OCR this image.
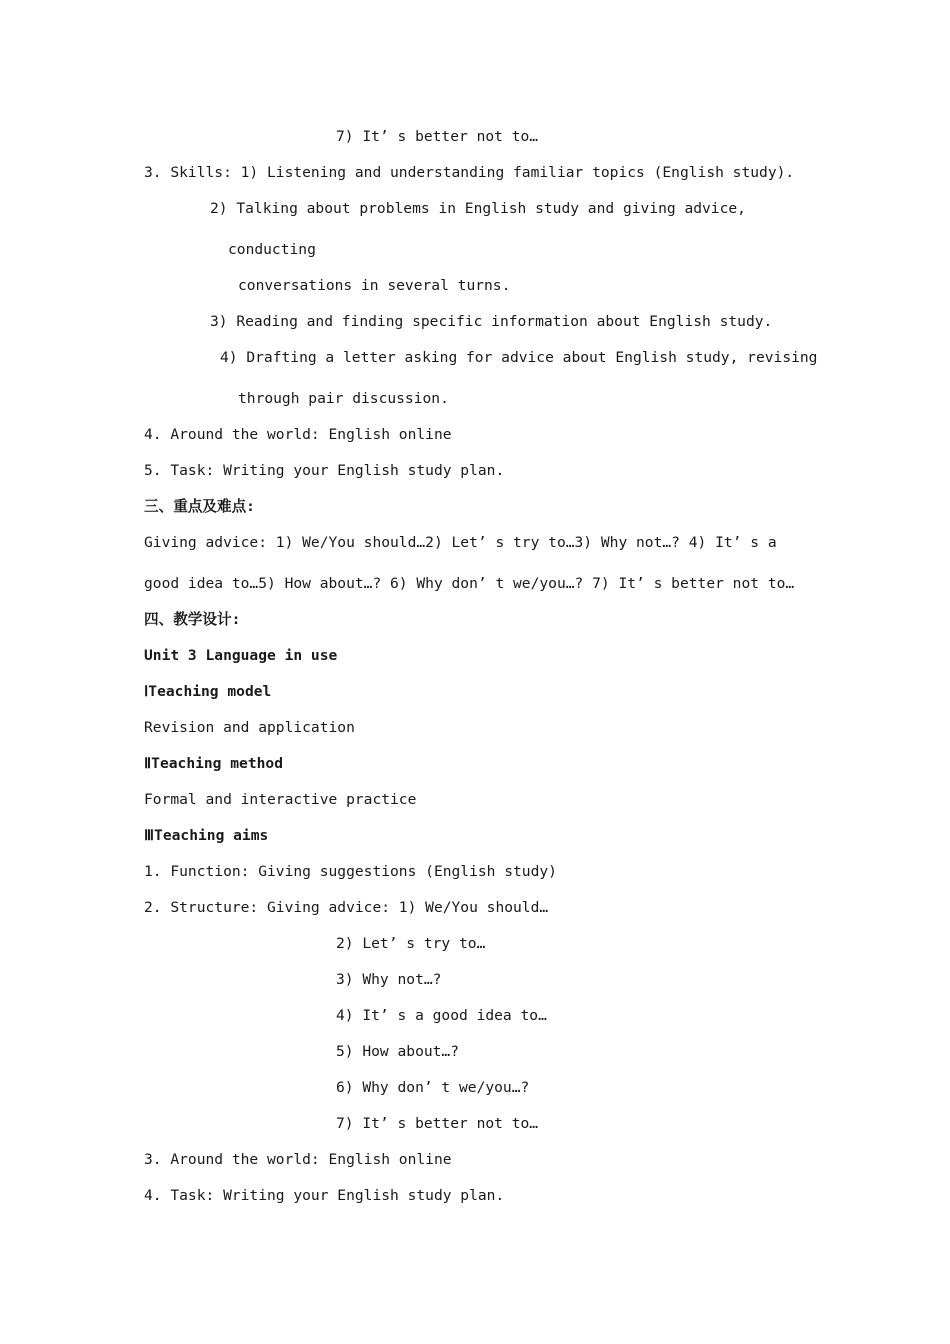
7) It’ s better not to…
3. Skills: 1) Listening and understanding familiar topics (English study).
2) Talking about problems in English study and giving advice,
conducting
conversations in several turns.
3) Reading and finding specific information about English study.
4) Drafting a letter asking for advice about English study, revising
through pair discussion.
4. Around the world: English online
5. Task: Writing your English study plan.
三、重点及难点:
Giving advice: 1) We/You should…2) Let’ s try to…3) Why not…? 4) It’ s a
good idea to…5) How about…? 6) Why don’ t we/you…? 7) It’ s better not to…
四、教学设计:
Unit 3 Language in use
ⅠTeaching model
Revision and application
ⅡTeaching method
Formal and interactive practice
ⅢTeaching aims
1. Function: Giving suggestions (English study)
2. Structure: Giving advice: 1) We/You should…
2) Let’ s try to…
3) Why not…?
4) It’ s a good idea to…
5) How about…?
6) Why don’ t we/you…?
7) It’ s better not to…
3. Around the world: English online
4. Task: Writing your English study plan.
